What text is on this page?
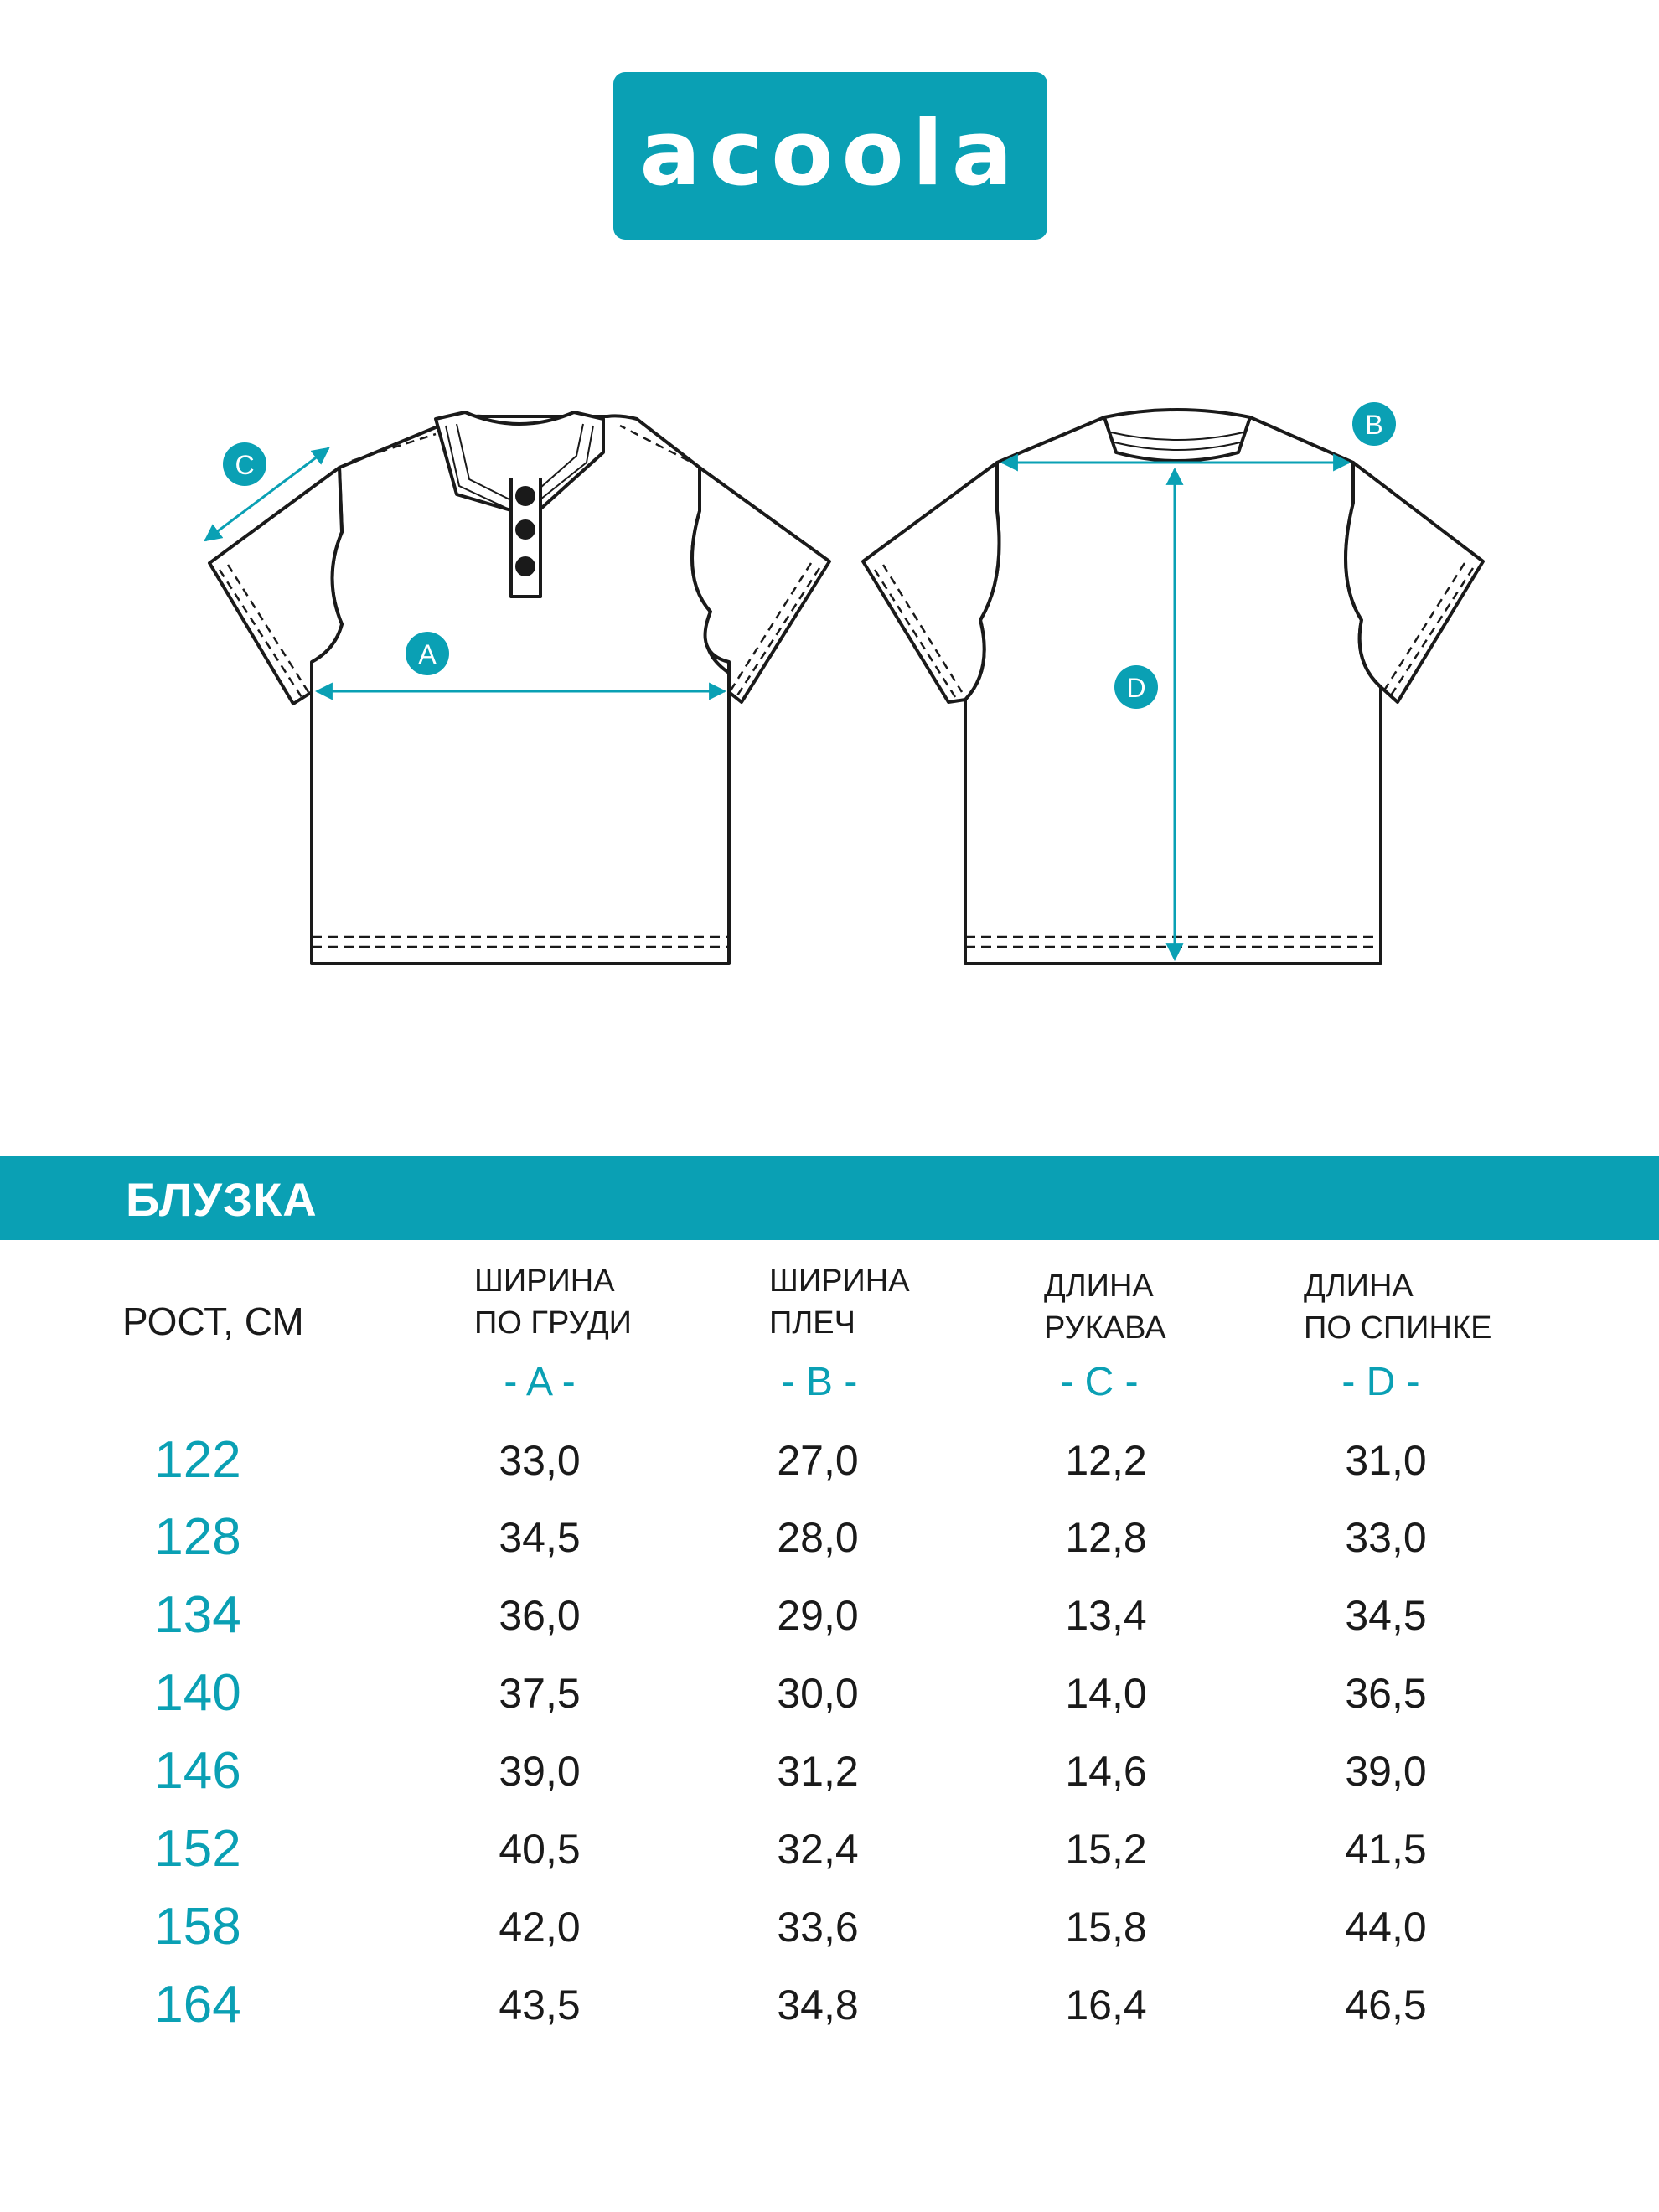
acoola
A
B
C
D
БЛУЗКА
РОСТ, СМ
ШИРИНА
ПО ГРУДИ
ШИРИНА
ПЛЕЧ
ДЛИНА
РУКАВА
ДЛИНА
ПО СПИНКЕ
- A -	- B -	- C -	- D -
122	33,0	27,0	12,2	31,0
128	34,5	28,0	12,8	33,0
134	36,0	29,0	13,4	34,5
140	37,5	30,0	14,0	36,5
146	39,0	31,2	14,6	39,0
152	40,5	32,4	15,2	41,5
158	42,0	33,6	15,8	44,0
164	43,5	34,8	16,4	46,5
